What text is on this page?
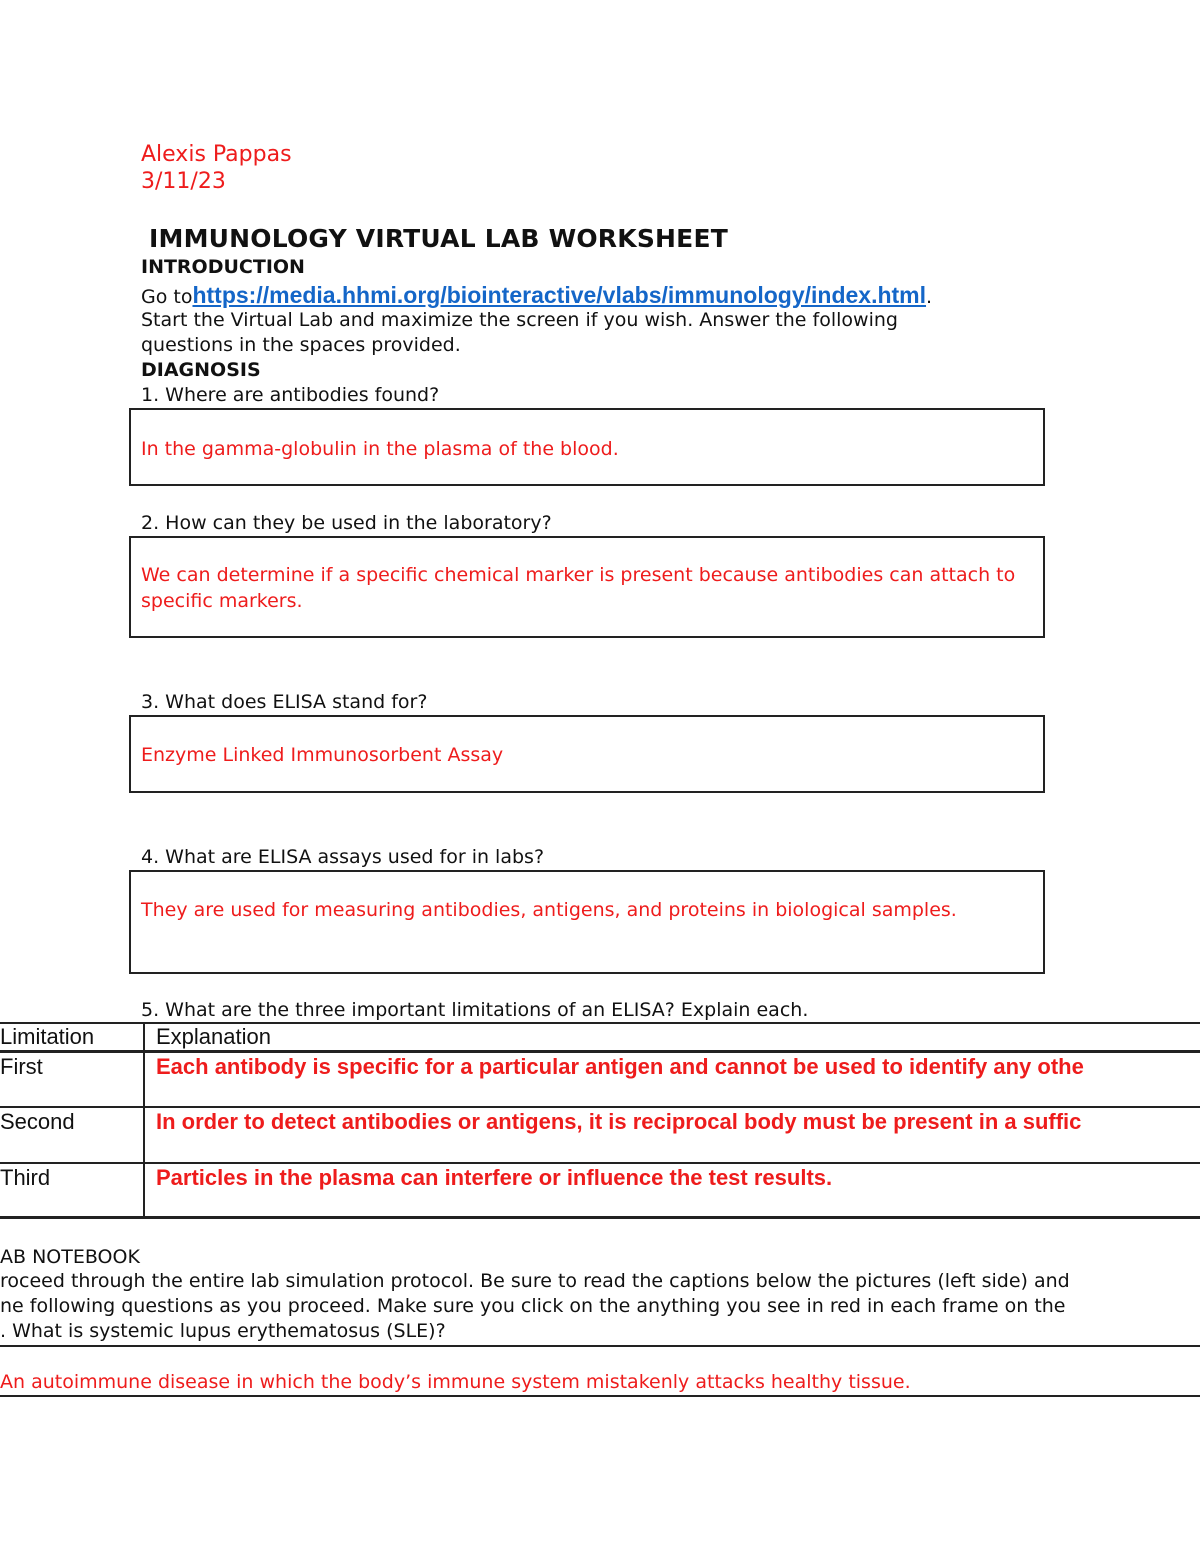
Alexis Pappas
3/11/23
IMMUNOLOGY VIRTUAL LAB WORKSHEET
INTRODUCTION
Go tohttps://media.hhmi.org/biointeractive/vlabs/immunology/index.html.
Start the Virtual Lab and maximize the screen if you wish. Answer the following
questions in the spaces provided.
DIAGNOSIS
1. Where are antibodies found?
In the gamma-globulin in the plasma of the blood.
2. How can they be used in the laboratory?
We can determine if a specific chemical marker is present because antibodies can attach to specific markers.
3. What does ELISA stand for?
Enzyme Linked Immunosorbent Assay
4. What are ELISA assays used for in labs?
They are used for measuring antibodies, antigens, and proteins in biological samples.
5. What are the three important limitations of an ELISA? Explain each.
Limitation	Explanation
First	Each antibody is specific for a particular antigen and cannot be used to identify any othe
Second	In order to detect antibodies or antigens, it is reciprocal body must be present in a suffic
Third	Particles in the plasma can interfere or influence the test results.
AB NOTEBOOK
roceed through the entire lab simulation protocol. Be sure to read the captions below the pictures (left side) and
ne following questions as you proceed. Make sure you click on the anything you see in red in each frame on the
. What is systemic lupus erythematosus (SLE)?
An autoimmune disease in which the body’s immune system mistakenly attacks healthy tissue.
